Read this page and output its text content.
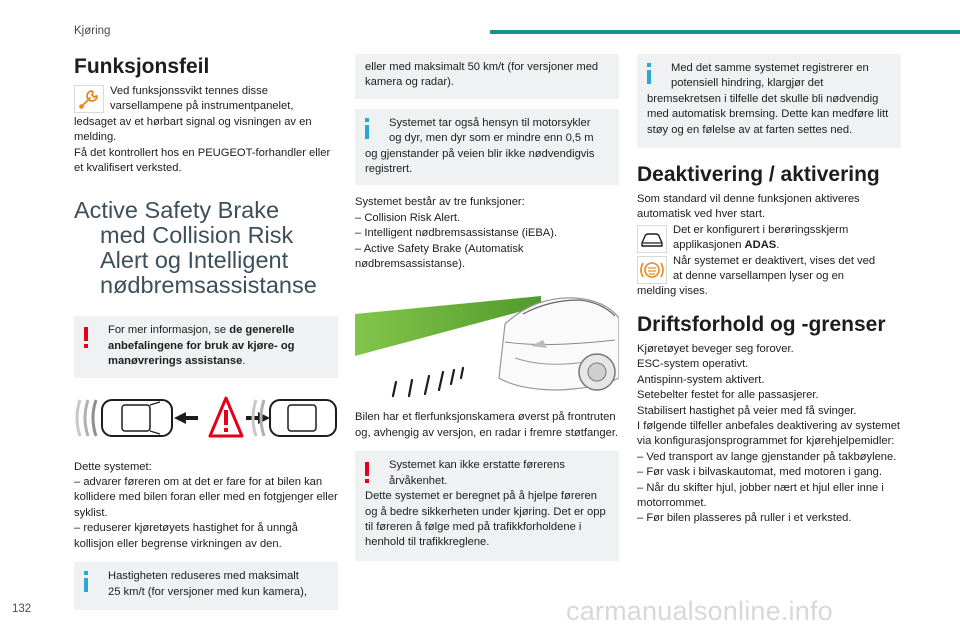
Kjøring
Funksjonsfeil

Ved funksjonssvikt tennes disse

varsellampene på instrumentpanelet,

ledsaget av et hørbart signal og visningen av en melding.

Få det kontrollert hos en PEUGEOT-forhandler eller et kvalifisert verksted.

Active Safety Brake med Collision Risk Alert og Intelligent nødbremsassistanse

For mer informasjon, se de generelle anbefalingene for bruk av kjøre- og manøvrerings assistanse.

Dette systemet:

– advarer føreren om at det er fare for at bilen kan kollidere med bilen foran eller med en fotgjenger eller syklist.

– reduserer kjøretøyets hastighet for å unngå kollisjon eller begrense virkningen av den.

Hastigheten reduseres med maksimalt

25 km/t (for versjoner med kun kamera),

eller med maksimalt 50 km/t (for versjoner med kamera og radar).

Systemet tar også hensyn til motorsykler

og dyr, men dyr som er mindre enn 0,5 m

og gjenstander på veien blir ikke nødvendigvis registrert.

Systemet består av tre funksjoner:

– Collision Risk Alert.

– Intelligent nødbremsassistanse (iEBA).

– Active Safety Brake (Automatisk nødbremsassistanse).

Bilen har et flerfunksjonskamera øverst på frontruten og, avhengig av versjon, en radar i fremre støtfanger.

Systemet kan ikke erstatte førerens

årvåkenhet.

Dette systemet er beregnet på å hjelpe føreren og å bedre sikkerheten under kjøring. Det er opp til føreren å følge med på trafikkforholdene i henhold til trafikkreglene.

Med det samme systemet registrerer en

potensiell hindring, klargjør det

bremsekretsen i tilfelle det skulle bli nødvendig med automatisk bremsing. Dette kan medføre litt støy og en følelse av at farten settes ned.

Deaktivering / aktivering

Som standard vil denne funksjonen aktiveres automatisk ved hver start.

Det er konfigurert i berøringsskjerm

applikasjonen ADAS.

Når systemet er deaktivert, vises det ved

at denne varsellampen lyser og en

melding vises.

Driftsforhold og -grenser

Kjøretøyet beveger seg forover.

ESC-system operativt.

Antispinn-system aktivert.

Setebelter festet for alle passasjerer.

Stabilisert hastighet på veier med få svinger.

I følgende tilfeller anbefales deaktivering av systemet via konfigurasjonsprogrammet for kjørehjelpemidler:

– Ved transport av lange gjenstander på takbøylene.

– Før vask i bilvaskautomat, med motoren i gang.

– Når du skifter hjul, jobber nært et hjul eller inne i motorrommet.

– Før bilen plasseres på ruller i et verksted.

132	carmanualsonline.info
